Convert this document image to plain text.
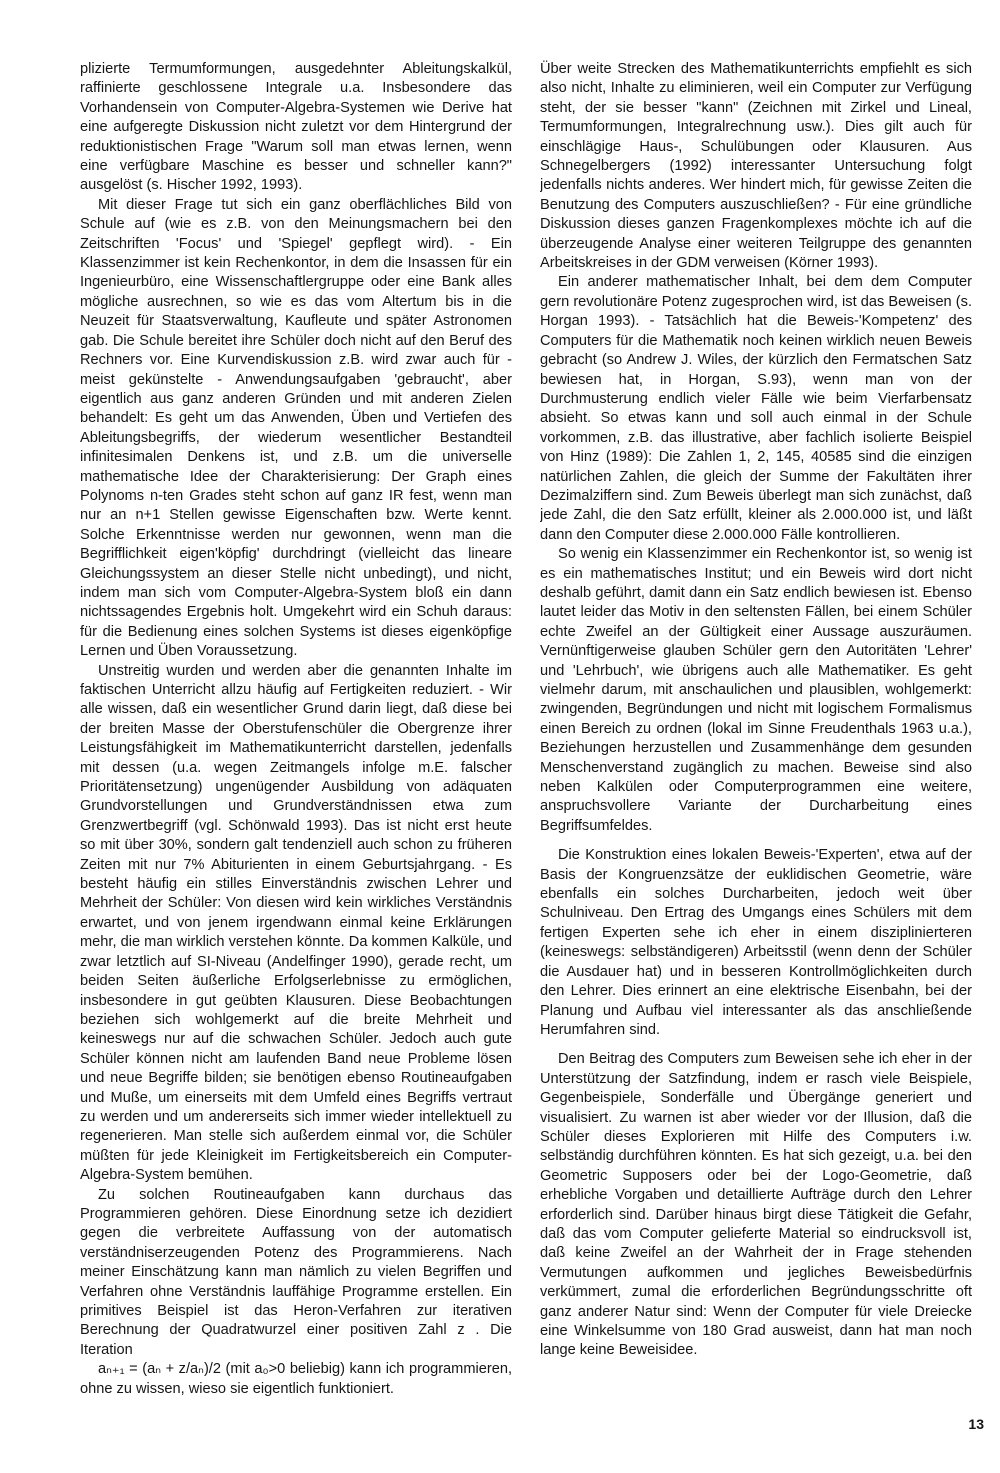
plizierte Termumformungen, ausgedehnter Ableitungskalkül, raffinierte geschlossene Integrale u.a. Insbesondere das Vorhandensein von Computer-Algebra-Systemen wie Derive hat eine aufgeregte Diskussion nicht zuletzt vor dem Hintergrund der reduktionistischen Frage "Warum soll man etwas lernen, wenn eine verfügbare Maschine es besser und schneller kann?" ausgelöst (s. Hischer 1992, 1993).

Mit dieser Frage tut sich ein ganz oberflächliches Bild von Schule auf (wie es z.B. von den Meinungsmachern bei den Zeitschriften 'Focus' und 'Spiegel' gepflegt wird). - Ein Klassenzimmer ist kein Rechenkontor, in dem die Insassen für ein Ingenieurbüro, eine Wissenschaftlergruppe oder eine Bank alles mögliche ausrechnen, so wie es das vom Altertum bis in die Neuzeit für Staatsverwaltung, Kaufleute und später Astronomen gab. Die Schule bereitet ihre Schüler doch nicht auf den Beruf des Rechners vor. Eine Kurvendiskussion z.B. wird zwar auch für - meist gekünstelte - Anwendungsaufgaben 'gebraucht', aber eigentlich aus ganz anderen Gründen und mit anderen Zielen behandelt: Es geht um das Anwenden, Üben und Vertiefen des Ableitungsbegriffs, der wiederum wesentlicher Bestandteil infinitesimalen Denkens ist, und z.B. um die universelle mathematische Idee der Charakterisierung: Der Graph eines Polynoms n-ten Grades steht schon auf ganz IR fest, wenn man nur an n+1 Stellen gewisse Eigenschaften bzw. Werte kennt. Solche Erkenntnisse werden nur gewonnen, wenn man die Begrifflichkeit eigen'köpfig' durchdringt (vielleicht das lineare Gleichungssystem an dieser Stelle nicht unbedingt), und nicht, indem man sich vom Computer-Algebra-System bloß ein dann nichtssagendes Ergebnis holt. Umgekehrt wird ein Schuh daraus: für die Bedienung eines solchen Systems ist dieses eigenköpfige Lernen und Üben Voraussetzung.

Unstreitig wurden und werden aber die genannten Inhalte im faktischen Unterricht allzu häufig auf Fertigkeiten reduziert. - Wir alle wissen, daß ein wesentlicher Grund darin liegt, daß diese bei der breiten Masse der Oberstufenschüler die Obergrenze ihrer Leistungsfähigkeit im Mathematikunterricht darstellen, jedenfalls mit dessen (u.a. wegen Zeitmangels infolge m.E. falscher Prioritätensetzung) ungenügender Ausbildung von adäquaten Grundvorstellungen und Grundverständnissen etwa zum Grenzwertbegriff (vgl. Schönwald 1993). Das ist nicht erst heute so mit über 30%, sondern galt tendenziell auch schon zu früheren Zeiten mit nur 7% Abiturienten in einem Geburtsjahrgang. - Es besteht häufig ein stilles Einverständnis zwischen Lehrer und Mehrheit der Schüler: Von diesen wird kein wirkliches Verständnis erwartet, und von jenem irgendwann einmal keine Erklärungen mehr, die man wirklich verstehen könnte. Da kommen Kalküle, und zwar letztlich auf SI-Niveau (Andelfinger 1990), gerade recht, um beiden Seiten äußerliche Erfolgserlebnisse zu ermöglichen, insbesondere in gut geübten Klausuren. Diese Beobachtungen beziehen sich wohlgemerkt auf die breite Mehrheit und keineswegs nur auf die schwachen Schüler. Jedoch auch gute Schüler können nicht am laufenden Band neue Probleme lösen und neue Begriffe bilden; sie benötigen ebenso Routineaufgaben und Muße, um einerseits mit dem Umfeld eines Begriffs vertraut zu werden und um andererseits sich immer wieder intellektuell zu regenerieren. Man stelle sich außerdem einmal vor, die Schüler müßten für jede Kleinigkeit im Fertigkeitsbereich ein Computer-Algebra-System bemühen.

Zu solchen Routineaufgaben kann durchaus das Programmieren gehören. Diese Einordnung setze ich dezidiert gegen die verbreitete Auffassung von der automatisch verständniserzeugenden Potenz des Programmierens. Nach meiner Einschätzung kann man nämlich zu vielen Begriffen und Verfahren ohne Verständnis lauffähige Programme erstellen. Ein primitives Beispiel ist das Heron-Verfahren zur iterativen Berechnung der Quadratwurzel einer positiven Zahl z . Die Iteration

aₙ₊₁ = (aₙ + z/aₙ)/2 (mit a₀>0 beliebig) kann ich programmieren, ohne zu wissen, wieso sie eigentlich funktioniert.

Über weite Strecken des Mathematikunterrichts empfiehlt es sich also nicht, Inhalte zu eliminieren, weil ein Computer zur Verfügung steht, der sie besser "kann" (Zeichnen mit Zirkel und Lineal, Termumformungen, Integralrechnung usw.). Dies gilt auch für einschlägige Haus-, Schulübungen oder Klausuren. Aus Schnegelbergers (1992) interessanter Untersuchung folgt jedenfalls nichts anderes. Wer hindert mich, für gewisse Zeiten die Benutzung des Computers auszuschließen? - Für eine gründliche Diskussion dieses ganzen Fragenkomplexes möchte ich auf die überzeugende Analyse einer weiteren Teilgruppe des genannten Arbeitskreises in der GDM verweisen (Körner 1993).

Ein anderer mathematischer Inhalt, bei dem dem Computer gern revolutionäre Potenz zugesprochen wird, ist das Beweisen (s. Horgan 1993). - Tatsächlich hat die Beweis-'Kompetenz' des Computers für die Mathematik noch keinen wirklich neuen Beweis gebracht (so Andrew J. Wiles, der kürzlich den Fermatschen Satz bewiesen hat, in Horgan, S.93), wenn man von der Durchmusterung endlich vieler Fälle wie beim Vierfarbensatz absieht. So etwas kann und soll auch einmal in der Schule vorkommen, z.B. das illustrative, aber fachlich isolierte Beispiel von Hinz (1989): Die Zahlen 1, 2, 145, 40585 sind die einzigen natürlichen Zahlen, die gleich der Summe der Fakultäten ihrer Dezimalziffern sind. Zum Beweis überlegt man sich zunächst, daß jede Zahl, die den Satz erfüllt, kleiner als 2.000.000 ist, und läßt dann den Computer diese 2.000.000 Fälle kontrollieren.

So wenig ein Klassenzimmer ein Rechenkontor ist, so wenig ist es ein mathematisches Institut; und ein Beweis wird dort nicht deshalb geführt, damit dann ein Satz endlich bewiesen ist. Ebenso lautet leider das Motiv in den seltensten Fällen, bei einem Schüler echte Zweifel an der Gültigkeit einer Aussage auszuräumen. Vernünftigerweise glauben Schüler gern den Autoritäten 'Lehrer' und 'Lehrbuch', wie übrigens auch alle Mathematiker. Es geht vielmehr darum, mit anschaulichen und plausiblen, wohlgemerkt: zwingenden, Begründungen und nicht mit logischem Formalismus einen Bereich zu ordnen (lokal im Sinne Freudenthals 1963 u.a.), Beziehungen herzustellen und Zusammenhänge dem gesunden Menschenverstand zugänglich zu machen. Beweise sind also neben Kalkülen oder Computerprogrammen eine weitere, anspruchsvollere Variante der Durcharbeitung eines Begriffsumfeldes.

Die Konstruktion eines lokalen Beweis-'Experten', etwa auf der Basis der Kongruenzsätze der euklidischen Geometrie, wäre ebenfalls ein solches Durcharbeiten, jedoch weit über Schulniveau. Den Ertrag des Umgangs eines Schülers mit dem fertigen Experten sehe ich eher in einem disziplinierteren (keineswegs: selbständigeren) Arbeitsstil (wenn denn der Schüler die Ausdauer hat) und in besseren Kontrollmöglichkeiten durch den Lehrer. Dies erinnert an eine elektrische Eisenbahn, bei der Planung und Aufbau viel interessanter als das anschließende Herumfahren sind.

Den Beitrag des Computers zum Beweisen sehe ich eher in der Unterstützung der Satzfindung, indem er rasch viele Beispiele, Gegenbeispiele, Sonderfälle und Übergänge generiert und visualisiert. Zu warnen ist aber wieder vor der Illusion, daß die Schüler dieses Explorieren mit Hilfe des Computers i.w. selbständig durchführen könnten. Es hat sich gezeigt, u.a. bei den Geometric Supposers oder bei der Logo-Geometrie, daß erhebliche Vorgaben und detaillierte Aufträge durch den Lehrer erforderlich sind. Darüber hinaus birgt diese Tätigkeit die Gefahr, daß das vom Computer gelieferte Material so eindrucksvoll ist, daß keine Zweifel an der Wahrheit der in Frage stehenden Vermutungen aufkommen und jegliches Beweisbedürfnis verkümmert, zumal die erforderlichen Begründungsschritte oft ganz anderer Natur sind: Wenn der Computer für viele Dreiecke eine Winkelsumme von 180 Grad ausweist, dann hat man noch lange keine Beweisidee.

13
